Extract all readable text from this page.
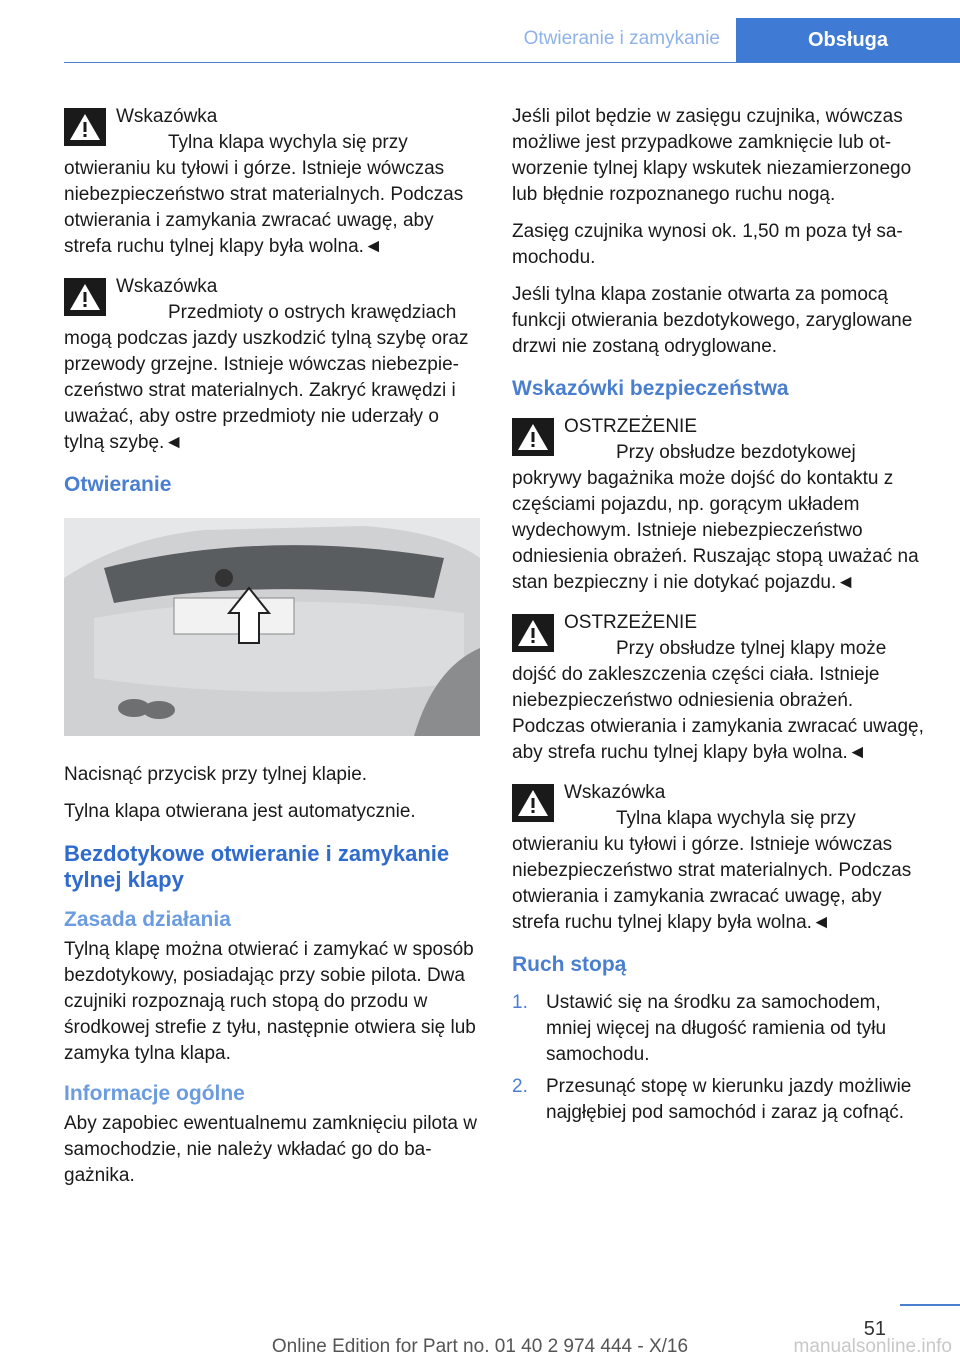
Otwieranie i zamykanie	Obsługa
Wskazówka
Tylna klapa wychyla się przy otwieraniu ku tyłowi i górze. Istnieje wówczas niebezpieczeństwo strat materialnych. Podczas otwierania i zamykania zwracać uwagę, aby strefa ruchu tylnej klapy była wolna.◄
Wskazówka
Przedmioty o ostrych krawędziach mogą podczas jazdy uszkodzić tylną szybę oraz przewody grzejne. Istnieje wówczas niebezpieczeństwo strat materialnych. Zakryć krawędzi i uważać, aby ostre przedmioty nie uderzały o tylną szybę.◄
Otwieranie

Nacisnąć przycisk przy tylnej klapie.

Tylna klapa otwierana jest automatycznie.

Bezdotykowe otwieranie i zamykanie tylnej klapy
Zasada działania

Tylną klapę można otwierać i zamykać w sposób bezdotykowy, posiadając przy sobie pilota. Dwa czujniki rozpoznają ruch stopą do przodu w środkowej strefie z tyłu, następnie otwiera się lub zamyka tylna klapa.

Informacje ogólne

Aby zapobiec ewentualnemu zamknięciu pilota w samochodzie, nie należy wkładać go do bagażnika.

Jeśli pilot będzie w zasięgu czujnika, wówczas możliwe jest przypadkowe zamknięcie lub otworzenie tylnej klapy wskutek niezamierzonego lub błędnie rozpoznanego ruchu nogą.

Zasięg czujnika wynosi ok. 1,50 m poza tył samochodu.

Jeśli tylna klapa zostanie otwarta za pomocą funkcji otwierania bezdotykowego, zaryglowane drzwi nie zostaną odryglowane.

Wskazówki bezpieczeństwa
OSTRZEŻENIE
Przy obsłudze bezdotykowej pokrywy bagażnika może dojść do kontaktu z częściami pojazdu, np. gorącym układem wydechowym. Istnieje niebezpieczeństwo odniesienia obrażeń. Ruszając stopą uważać na stan bezpieczny i nie dotykać pojazdu.◄
OSTRZEŻENIE
Przy obsłudze tylnej klapy może dojść do zakleszczenia części ciała. Istnieje niebezpieczeństwo odniesienia obrażeń. Podczas otwierania i zamykania zwracać uwagę, aby strefa ruchu tylnej klapy była wolna.◄
Wskazówka
Tylna klapa wychyla się przy otwieraniu ku tyłowi i górze. Istnieje wówczas niebezpieczeństwo strat materialnych. Podczas otwierania i zamykania zwracać uwagę, aby strefa ruchu tylnej klapy była wolna.◄
Ruch stopą
1. Ustawić się na środku za samochodem, mniej więcej na długość ramienia od tyłu samochodu.
2. Przesunąć stopę w kierunku jazdy możliwie najgłębiej pod samochód i zaraz ją cofnąć.
51
Online Edition for Part no. 01 40 2 974 444 - X/16	manualsonline.info
